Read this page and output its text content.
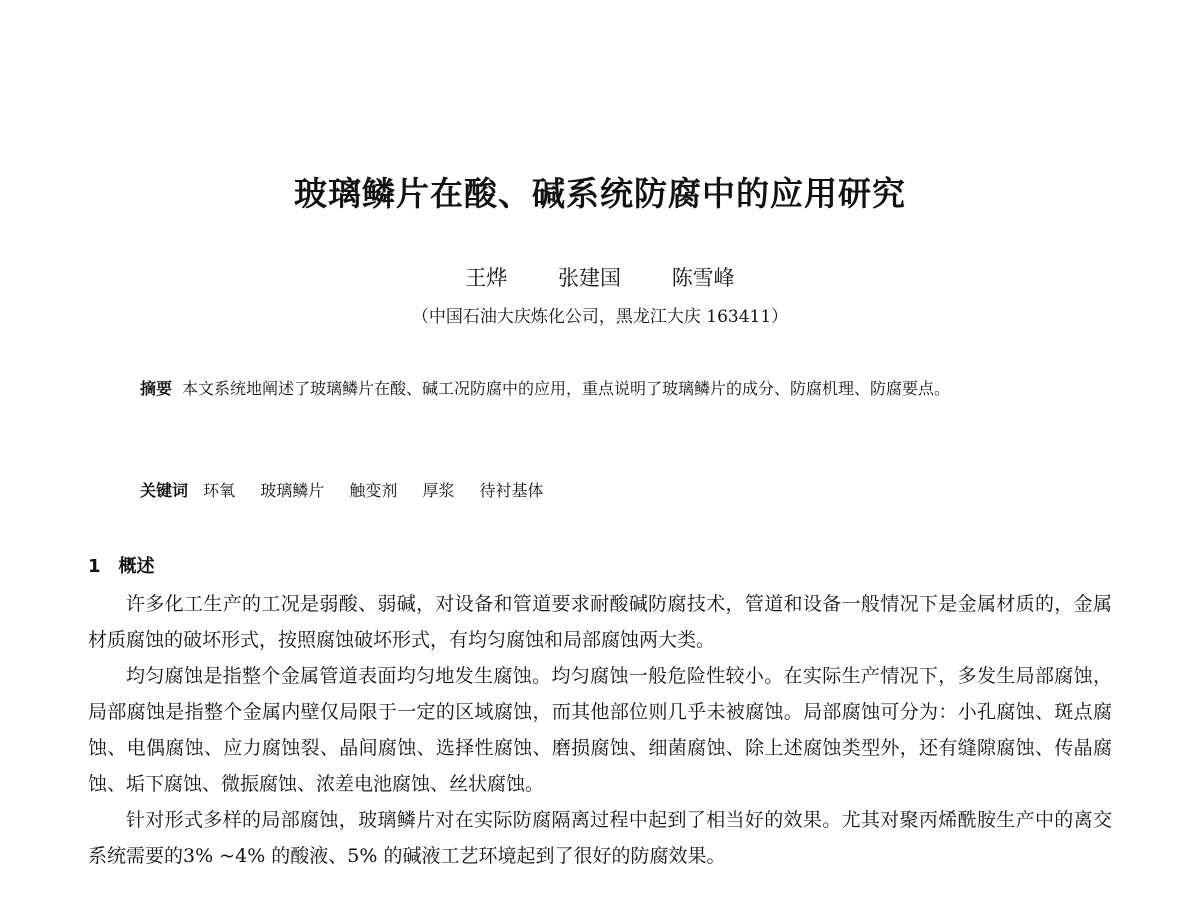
玻璃鳞片在酸、碱系统防腐中的应用研究
王烨 张建国 陈雪峰
（中国石油大庆炼化公司，黑龙江大庆 163411）

摘要 本文系统地阐述了玻璃鳞片在酸、碱工况防腐中的应用，重点说明了玻璃鳞片的成分、防腐机理、防腐要点。

关键词 环氧 玻璃鳞片 触变剂 厚浆 待衬基体
1 概述

许多化工生产的工况是弱酸、弱碱，对设备和管道要求耐酸碱防腐技术，管道和设备一般情况下是金属材质的，金属材质腐蚀的破坏形式，按照腐蚀破坏形式，有均匀腐蚀和局部腐蚀两大类。

均匀腐蚀是指整个金属管道表面均匀地发生腐蚀。均匀腐蚀一般危险性较小。在实际生产情况下，多发生局部腐蚀，局部腐蚀是指整个金属内壁仅局限于一定的区域腐蚀，而其他部位则几乎未被腐蚀。局部腐蚀可分为：小孔腐蚀、斑点腐蚀、电偶腐蚀、应力腐蚀裂、晶间腐蚀、选择性腐蚀、磨损腐蚀、细菌腐蚀、除上述腐蚀类型外，还有缝隙腐蚀、传晶腐蚀、垢下腐蚀、微振腐蚀、浓差电池腐蚀、丝状腐蚀。

针对形式多样的局部腐蚀，玻璃鳞片对在实际防腐隔离过程中起到了相当好的效果。尤其对聚丙烯酰胺生产中的离交系统需要的3% ~4% 的酸液、5% 的碱液工艺环境起到了很好的防腐效果。
